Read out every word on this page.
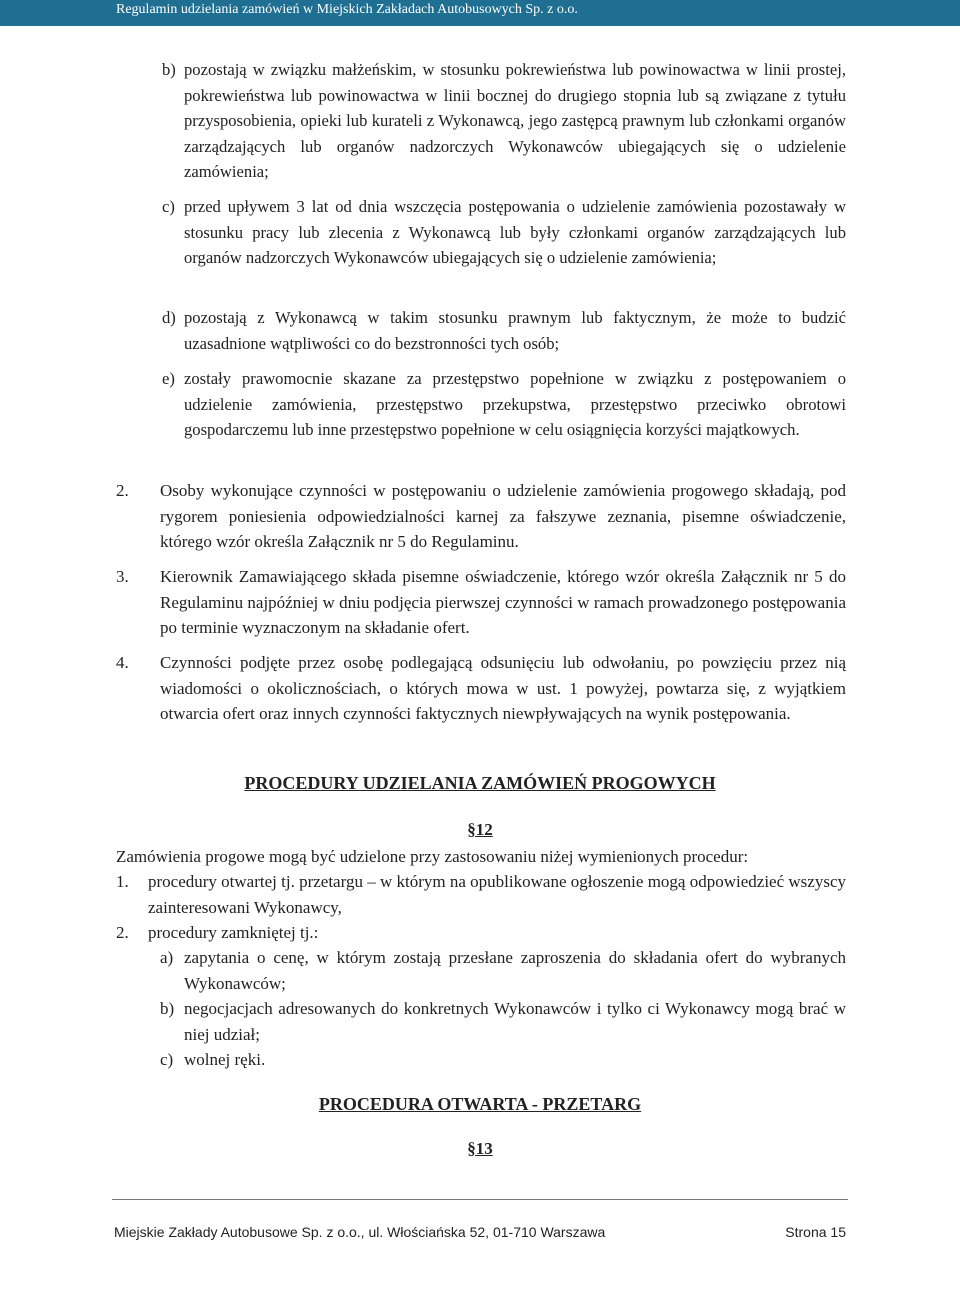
Regulamin udzielania zamówień w Miejskich Zakładach Autobusowych Sp. z o.o.
b) pozostają w związku małżeńskim, w stosunku pokrewieństwa lub powinowactwa w linii prostej, pokrewieństwa lub powinowactwa w linii bocznej do drugiego stopnia lub są związane z tytułu przysposobienia, opieki lub kurateli z Wykonawcą, jego zastępcą prawnym lub członkami organów zarządzających lub organów nadzorczych Wykonawców ubiegających się o udzielenie zamówienia;
c) przed upływem 3 lat od dnia wszczęcia postępowania o udzielenie zamówienia pozostawały w stosunku pracy lub zlecenia z Wykonawcą lub były członkami organów zarządzających lub organów nadzorczych Wykonawców ubiegających się o udzielenie zamówienia;
d) pozostają z Wykonawcą w takim stosunku prawnym lub faktycznym, że może to budzić uzasadnione wątpliwości co do bezstronności tych osób;
e) zostały prawomocnie skazane za przestępstwo popełnione w związku z postępowaniem o udzielenie zamówienia, przestępstwo przekupstwa, przestępstwo przeciwko obrotowi gospodarczemu lub inne przestępstwo popełnione w celu osiągnięcia korzyści majątkowych.
2. Osoby wykonujące czynności w postępowaniu o udzielenie zamówienia progowego składają, pod rygorem poniesienia odpowiedzialności karnej za fałszywe zeznania, pisemne oświadczenie, którego wzór określa Załącznik nr 5 do Regulaminu.
3. Kierownik Zamawiającego składa pisemne oświadczenie, którego wzór określa Załącznik nr 5 do Regulaminu najpóźniej w dniu podjęcia pierwszej czynności w ramach prowadzonego postępowania po terminie wyznaczonym na składanie ofert.
4. Czynności podjęte przez osobę podlegającą odsunięciu lub odwołaniu, po powzięciu przez nią wiadomości o okolicznościach, o których mowa w ust. 1 powyżej, powtarza się, z wyjątkiem otwarcia ofert oraz innych czynności faktycznych niewpływających na wynik postępowania.
PROCEDURY UDZIELANIA ZAMÓWIEŃ PROGOWYCH
§12
Zamówienia progowe mogą być udzielone przy zastosowaniu niżej wymienionych procedur:
1. procedury otwartej tj. przetargu – w którym na opublikowane ogłoszenie mogą odpowiedzieć wszyscy zainteresowani Wykonawcy,
2. procedury zamkniętej tj.:
a) zapytania o cenę, w którym zostają przesłane zaproszenia do składania ofert do wybranych Wykonawców;
b) negocjacjach adresowanych do konkretnych Wykonawców i tylko ci Wykonawcy mogą brać w niej udział;
c) wolnej ręki.
PROCEDURA OTWARTA - PRZETARG
§13
Miejskie Zakłady Autobusowe Sp. z o.o., ul. Włościańska 52, 01-710 Warszawa	Strona 15
